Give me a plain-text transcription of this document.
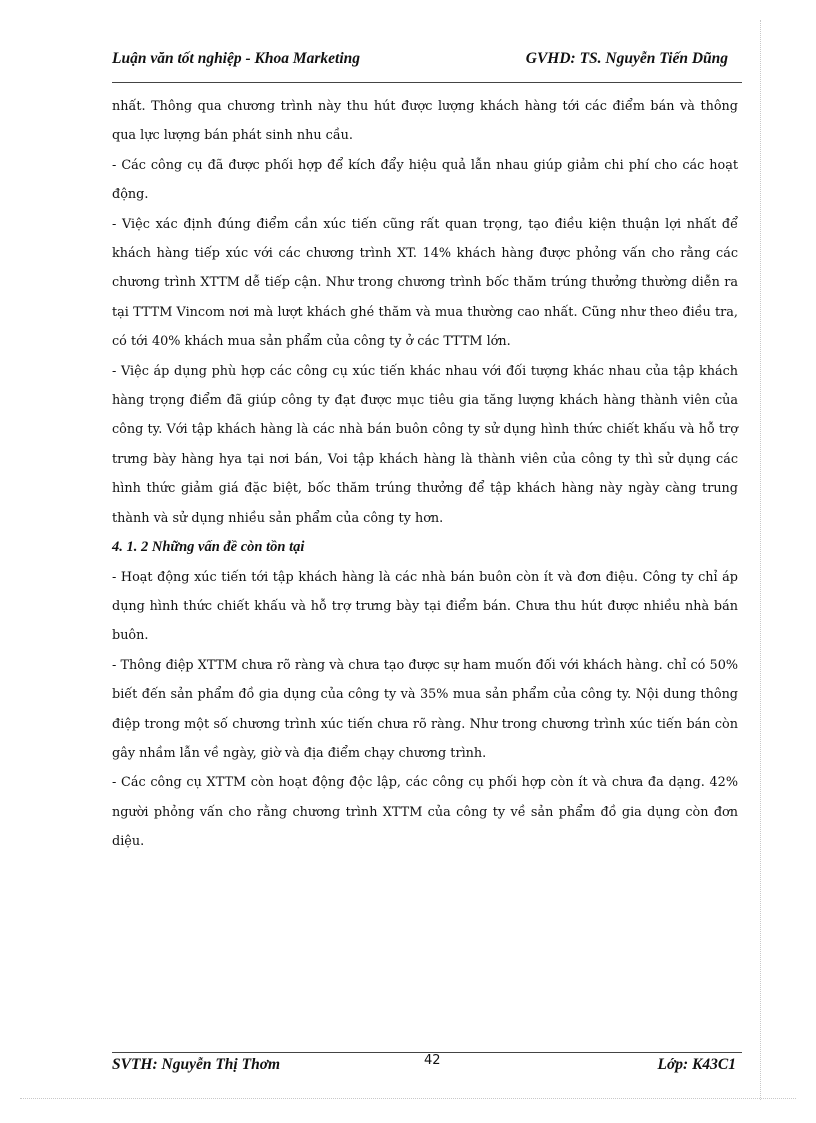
Luận văn tốt nghiệp - Khoa Marketing	GVHD: TS. Nguyễn Tiến Dũng

nhất. Thông qua chương trình này thu hút được lượng khách hàng tới các điểm bán và thông qua lực lượng bán phát sinh nhu cầu.

- Các công cụ đã được phối hợp để kích đẩy hiệu quả lẫn nhau giúp giảm chi phí cho các hoạt động.

- Việc xác định đúng điểm cần xúc tiến cũng rất quan trọng, tạo điều kiện thuận lợi nhất để khách hàng tiếp xúc với các chương trình XT. 14% khách hàng được phỏng vấn cho rằng các chương trình XTTM dễ tiếp cận. Như trong chương trình bốc thăm trúng thưởng thường diễn ra tại TTTM Vincom nơi mà lượt khách ghé thăm và mua thường cao nhất. Cũng như theo điều tra, có tới 40% khách mua sản phẩm của công ty ở các TTTM lớn.

- Việc áp dụng phù hợp các công cụ xúc tiến khác nhau với đối tượng khác nhau của tập khách hàng trọng điểm đã giúp công ty đạt được mục tiêu gia tăng lượng khách hàng thành viên của công ty. Với tập khách hàng là các nhà bán buôn công ty sử dụng hình thức chiết khấu và hỗ trợ trưng bày hàng hya tại nơi bán, Voi tập khách hàng là thành viên của công ty thì sử dụng các hình thức giảm giá đặc biệt, bốc thăm trúng thưởng để tập khách hàng này ngày càng trung thành và sử dụng nhiều sản phẩm của công ty hơn.

4. 1. 2 Những vấn đề còn tồn tại

- Hoạt động xúc tiến tới tập khách hàng là các nhà bán buôn còn ít và đơn điệu. Công ty chỉ áp dụng hình thức chiết khấu và hỗ trợ trưng bày tại điểm bán. Chưa thu hút được nhiều nhà bán buôn.

- Thông điệp XTTM chưa rõ ràng và chưa tạo được sự ham muốn đối với khách hàng. chỉ có 50% biết đến sản phẩm đồ gia dụng của công ty và 35% mua sản phẩm của công ty. Nội dung thông điệp trong một số chương trình xúc tiến chưa rõ ràng. Như trong chương trình xúc tiến bán còn gây nhầm lẫn về ngày, giờ và địa điểm chạy chương trình.

- Các công cụ XTTM còn hoạt động độc lập, các công cụ phối hợp còn ít và chưa đa dạng. 42% người phỏng vấn cho rằng chương trình XTTM của công ty về sản phẩm đồ gia dụng còn đơn diệu.

SVTH: Nguyễn Thị Thơm	42	Lớp: K43C1
